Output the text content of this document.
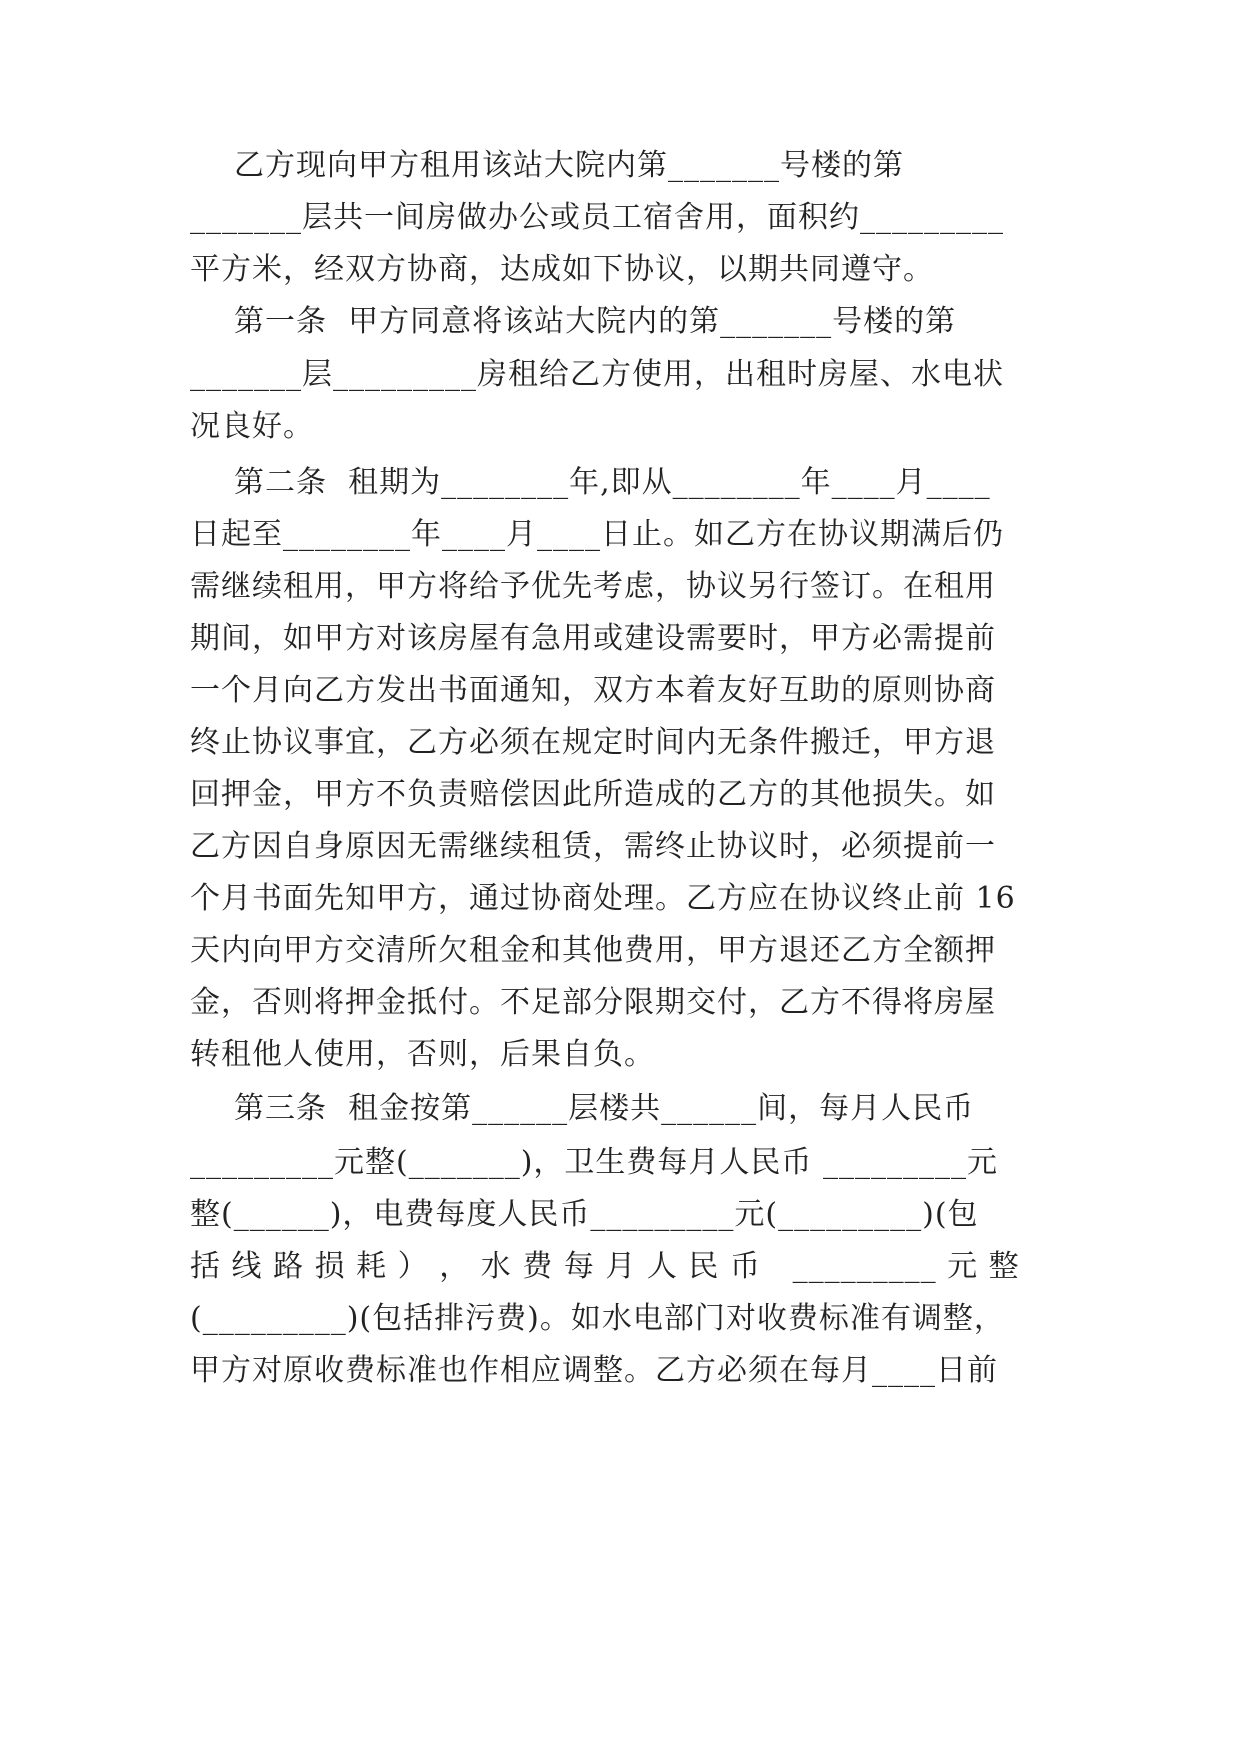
乙方现向甲方租用该站大院内第_______号楼的第
_______层共一间房做办公或员工宿舍用，面积约_________
平方米，经双方协商，达成如下协议，以期共同遵守。
第一条  甲方同意将该站大院内的第_______号楼的第
_______层_________房租给乙方使用，出租时房屋、水电状
况良好。
第二条  租期为________年,即从________年____月____
日起至________年____月____日止。如乙方在协议期满后仍
需继续租用，甲方将给予优先考虑，协议另行签订。在租用
期间，如甲方对该房屋有急用或建设需要时，甲方必需提前
一个月向乙方发出书面通知，双方本着友好互助的原则协商
终止协议事宜，乙方必须在规定时间内无条件搬迁，甲方退
回押金，甲方不负责赔偿因此所造成的乙方的其他损失。如
乙方因自身原因无需继续租赁，需终止协议时，必须提前一
个月书面先知甲方，通过协商处理。乙方应在协议终止前 16
天内向甲方交清所欠租金和其他费用，甲方退还乙方全额押
金，否则将押金抵付。不足部分限期交付，乙方不得将房屋
转租他人使用，否则，后果自负。
第三条  租金按第______层楼共______间，每月人民币
_________元整(_______)，卫生费每月人民币 _________元
整(______)，电费每度人民币_________元(_________)(包
括 线 路 损 耗 ） ， 水 费 每 月 人 民 币   _________ 元 整
(_________)(包括排污费)。如水电部门对收费标准有调整，
甲方对原收费标准也作相应调整。乙方必须在每月____日前
